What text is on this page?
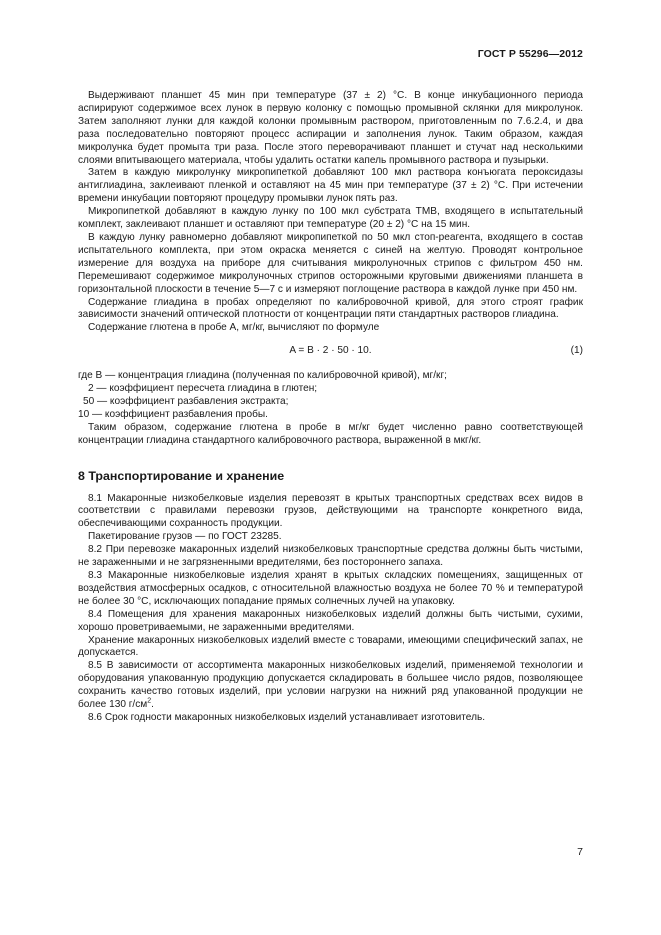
ГОСТ Р 55296—2012

Выдерживают планшет 45 мин при температуре (37 ± 2) °C. В конце инкубационного периода аспирируют содержимое всех лунок в первую колонку с помощью промывной склянки для микролунок. Затем заполняют лунки для каждой колонки промывным раствором, приготовленным по 7.6.2.4, и два раза последовательно повторяют процесс аспирации и заполнения лунок. Таким образом, каждая микролунка будет промыта три раза. После этого переворачивают планшет и стучат над несколькими слоями впитывающего материала, чтобы удалить остатки капель промывного раствора и пузырьки.

Затем в каждую микролунку микропипеткой добавляют 100 мкл раствора конъюгата пероксидазы антиглиадина, заклеивают пленкой и оставляют на 45 мин при температуре (37 ± 2) °C. При истечении времени инкубации повторяют процедуру промывки лунок пять раз.

Микропипеткой добавляют в каждую лунку по 100 мкл субстрата TMB, входящего в испытательный комплект, заклеивают планшет и оставляют при температуре (20 ± 2) °C на 15 мин.

В каждую лунку равномерно добавляют микропипеткой по 50 мкл стоп-реагента, входящего в состав испытательного комплекта, при этом окраска меняется с синей на желтую. Проводят контрольное измерение для воздуха на приборе для считывания микролуночных стрипов с фильтром 450 нм. Перемешивают содержимое микролуночных стрипов осторожными круговыми движениями планшета в горизонтальной плоскости в течение 5—7 с и измеряют поглощение раствора в каждой лунке при 450 нм.

Содержание глиадина в пробах определяют по калибровочной кривой, для этого строят график зависимости значений оптической плотности от концентрации пяти стандартных растворов глиадина.

Содержание глютена в пробе A, мг/кг, вычисляют по формуле

A = B · 2 · 50 · 10.	(1)

где B — концентрация глиадина (полученная по калибровочной кривой), мг/кг;

2 — коэффициент пересчета глиадина в глютен;

50 — коэффициент разбавления экстракта;

10 — коэффициент разбавления пробы.

Таким образом, содержание глютена в пробе в мг/кг будет численно равно соответствующей концентрации глиадина стандартного калибровочного раствора, выраженной в мкг/кг.

8 Транспортирование и хранение

8.1 Макаронные низкобелковые изделия перевозят в крытых транспортных средствах всех видов в соответствии с правилами перевозки грузов, действующими на транспорте конкретного вида, обеспечивающими сохранность продукции.

Пакетирование грузов — по ГОСТ 23285.

8.2 При перевозке макаронных изделий низкобелковых транспортные средства должны быть чистыми, не зараженными и не загрязненными вредителями, без постороннего запаха.

8.3 Макаронные низкобелковые изделия хранят в крытых складских помещениях, защищенных от воздействия атмосферных осадков, с относительной влажностью воздуха не более 70 % и температурой не более 30 °C, исключающих попадание прямых солнечных лучей на упаковку.

8.4 Помещения для хранения макаронных низкобелковых изделий должны быть чистыми, сухими, хорошо проветриваемыми, не зараженными вредителями.

Хранение макаронных низкобелковых изделий вместе с товарами, имеющими специфический запах, не допускается.

8.5 В зависимости от ассортимента макаронных низкобелковых изделий, применяемой технологии и оборудования упакованную продукцию допускается складировать в большее число рядов, позволяющее сохранить качество готовых изделий, при условии нагрузки на нижний ряд упакованной продукции не более 130 $г/см^2$.

8.6 Срок годности макаронных низкобелковых изделий устанавливает изготовитель.

7
